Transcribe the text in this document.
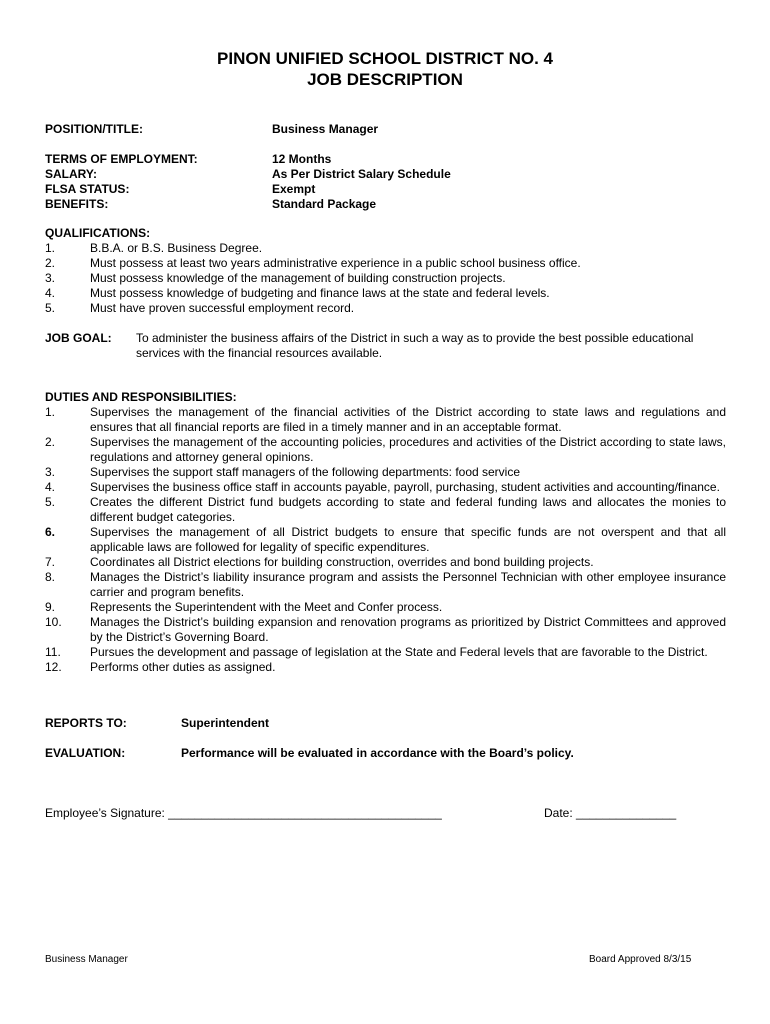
PINON UNIFIED SCHOOL DISTRICT NO. 4
JOB DESCRIPTION
POSITION/TITLE:	Business Manager
TERMS OF EMPLOYMENT:	12 Months
SALARY:	As Per District Salary Schedule
FLSA STATUS:	Exempt
BENEFITS:	Standard Package
QUALIFICATIONS:
1.	B.B.A. or B.S. Business Degree.
2.	Must possess at least two years administrative experience in a public school business office.
3.	Must possess knowledge of the management of building construction projects.
4.	Must possess knowledge of budgeting and finance laws at the state and federal levels.
5.	Must have proven successful employment record.
JOB GOAL: To administer the business affairs of the District in such a way as to provide the best possible educational services with the financial resources available.
DUTIES AND RESPONSIBILITIES:
1.	Supervises the management of the financial activities of the District according to state laws and regulations and ensures that all financial reports are filed in a timely manner and in an acceptable format.
2.	Supervises the management of the accounting policies, procedures and activities of the District according to state laws, regulations and attorney general opinions.
3.	Supervises the support staff managers of the following departments: food service
4.	Supervises the business office staff in accounts payable, payroll, purchasing, student activities and accounting/finance.
5.	Creates the different District fund budgets according to state and federal funding laws and allocates the monies to different budget categories.
6.	Supervises the management of all District budgets to ensure that specific funds are not overspent and that all applicable laws are followed for legality of specific expenditures.
7.	Coordinates all District elections for building construction, overrides and bond building projects.
8.	Manages the District’s liability insurance program and assists the Personnel Technician with other employee insurance carrier and program benefits.
9.	Represents the Superintendent with the Meet and Confer process.
10.	Manages the District’s building expansion and renovation programs as prioritized by District Committees and approved by the District’s Governing Board.
11.	Pursues the development and passage of legislation at the State and Federal levels that are favorable to the District.
12.	Performs other duties as assigned.
REPORTS TO:	Superintendent
EVALUATION:	Performance will be evaluated in accordance with the Board’s policy.
Employee’s Signature: _________________________________________	Date: _______________
Business Manager	Board Approved 8/3/15
